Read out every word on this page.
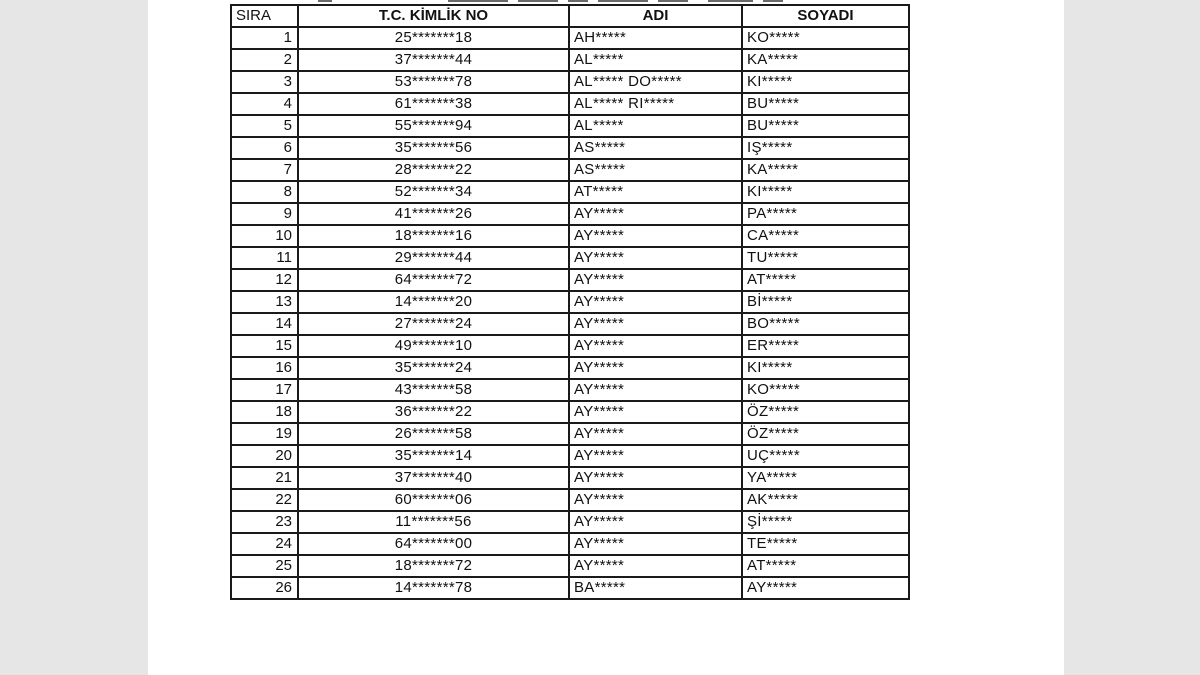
SIRA	T.C. KİMLİK NO	ADI	SOYADI
1	25*******18	AH*****	KO*****
2	37*******44	AL*****	KA*****
3	53*******78	AL***** DO*****	KI*****
4	61*******38	AL***** RI*****	BU*****
5	55*******94	AL*****	BU*****
6	35*******56	AS*****	IŞ*****
7	28*******22	AS*****	KA*****
8	52*******34	AT*****	KI*****
9	41*******26	AY*****	PA*****
10	18*******16	AY*****	CA*****
11	29*******44	AY*****	TU*****
12	64*******72	AY*****	AT*****
13	14*******20	AY*****	Bİ*****
14	27*******24	AY*****	BO*****
15	49*******10	AY*****	ER*****
16	35*******24	AY*****	KI*****
17	43*******58	AY*****	KO*****
18	36*******22	AY*****	ÖZ*****
19	26*******58	AY*****	ÖZ*****
20	35*******14	AY*****	UÇ*****
21	37*******40	AY*****	YA*****
22	60*******06	AY*****	AK*****
23	11*******56	AY*****	Şİ*****
24	64*******00	AY*****	TE*****
25	18*******72	AY*****	AT*****
26	14*******78	BA*****	AY*****
